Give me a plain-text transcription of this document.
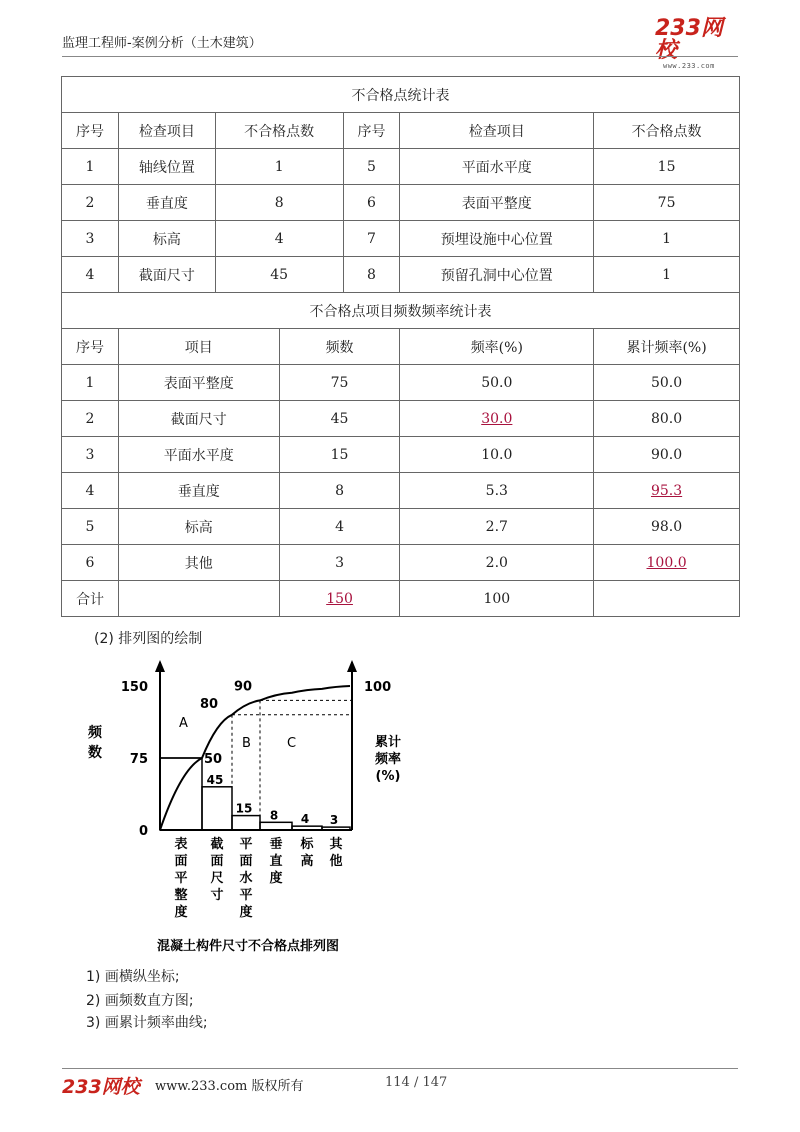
监理工程师-案例分析（土木建筑）
233网校
www.233.com
不合格点统计表						
序号	检查项目	不合格点数		序号	检查项目	不合格点数
1	轴线位置	1		5	平面水平度	15
2	垂直度	8		6	表面平整度	75
3	标高	4		7	预埋设施中心位置	1
4	截面尺寸	45		8	预留孔洞中心位置	1
不合格点项目频数频率统计表						
序号	项目		频数		频率(%)	累计频率(%)
1	表面平整度		75		50.0	50.0
2	截面尺寸		45		30.0	80.0
3	平面水平度		15		10.0	90.0
4	垂直度		8		5.3	95.3
5	标高		4		2.7	98.0
6	其他		3		2.0	100.0
合计			150		100	
(2) 排列图的绘制
表
面
平
整
度
45
截
面
尺
寸
15
平
面
水
平
度
8
垂
直
度
4
标
高
3
其
他
150
75
0
100
50
80
90
A
B	C
频
数
累计
频率
(%)
混凝土构件尺寸不合格点排列图
1) 画横纵坐标;
2) 画频数直方图;
3) 画累计频率曲线;
233网校 www.233.com 版权所有	114 / 147
